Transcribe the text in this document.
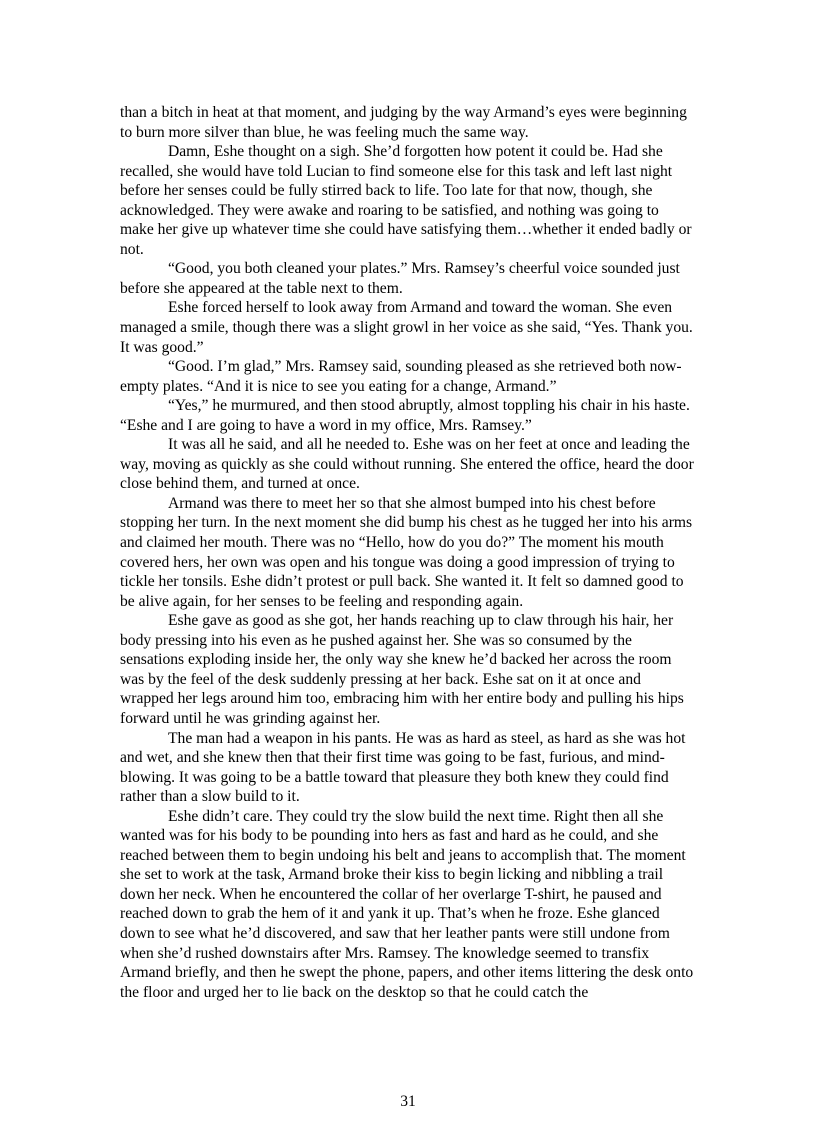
than a bitch in heat at that moment, and judging by the way Armand’s eyes were beginning to burn more silver than blue, he was feeling much the same way.

Damn, Eshe thought on a sigh. She’d forgotten how potent it could be. Had she recalled, she would have told Lucian to find someone else for this task and left last night before her senses could be fully stirred back to life. Too late for that now, though, she acknowledged. They were awake and roaring to be satisfied, and nothing was going to make her give up whatever time she could have satisfying them…whether it ended badly or not.

“Good, you both cleaned your plates.” Mrs. Ramsey’s cheerful voice sounded just before she appeared at the table next to them.

Eshe forced herself to look away from Armand and toward the woman. She even managed a smile, though there was a slight growl in her voice as she said, “Yes. Thank you. It was good.”

“Good. I’m glad,” Mrs. Ramsey said, sounding pleased as she retrieved both now-empty plates. “And it is nice to see you eating for a change, Armand.”

“Yes,” he murmured, and then stood abruptly, almost toppling his chair in his haste. “Eshe and I are going to have a word in my office, Mrs. Ramsey.”

It was all he said, and all he needed to. Eshe was on her feet at once and leading the way, moving as quickly as she could without running. She entered the office, heard the door close behind them, and turned at once.

Armand was there to meet her so that she almost bumped into his chest before stopping her turn. In the next moment she did bump his chest as he tugged her into his arms and claimed her mouth. There was no “Hello, how do you do?” The moment his mouth covered hers, her own was open and his tongue was doing a good impression of trying to tickle her tonsils. Eshe didn’t protest or pull back. She wanted it. It felt so damned good to be alive again, for her senses to be feeling and responding again.

Eshe gave as good as she got, her hands reaching up to claw through his hair, her body pressing into his even as he pushed against her. She was so consumed by the sensations exploding inside her, the only way she knew he’d backed her across the room was by the feel of the desk suddenly pressing at her back. Eshe sat on it at once and wrapped her legs around him too, embracing him with her entire body and pulling his hips forward until he was grinding against her.

The man had a weapon in his pants. He was as hard as steel, as hard as she was hot and wet, and she knew then that their first time was going to be fast, furious, and mind-blowing. It was going to be a battle toward that pleasure they both knew they could find rather than a slow build to it.

Eshe didn’t care. They could try the slow build the next time. Right then all she wanted was for his body to be pounding into hers as fast and hard as he could, and she reached between them to begin undoing his belt and jeans to accomplish that. The moment she set to work at the task, Armand broke their kiss to begin licking and nibbling a trail down her neck. When he encountered the collar of her overlarge T-shirt, he paused and reached down to grab the hem of it and yank it up. That’s when he froze. Eshe glanced down to see what he’d discovered, and saw that her leather pants were still undone from when she’d rushed downstairs after Mrs. Ramsey. The knowledge seemed to transfix Armand briefly, and then he swept the phone, papers, and other items littering the desk onto the floor and urged her to lie back on the desktop so that he could catch the

31
